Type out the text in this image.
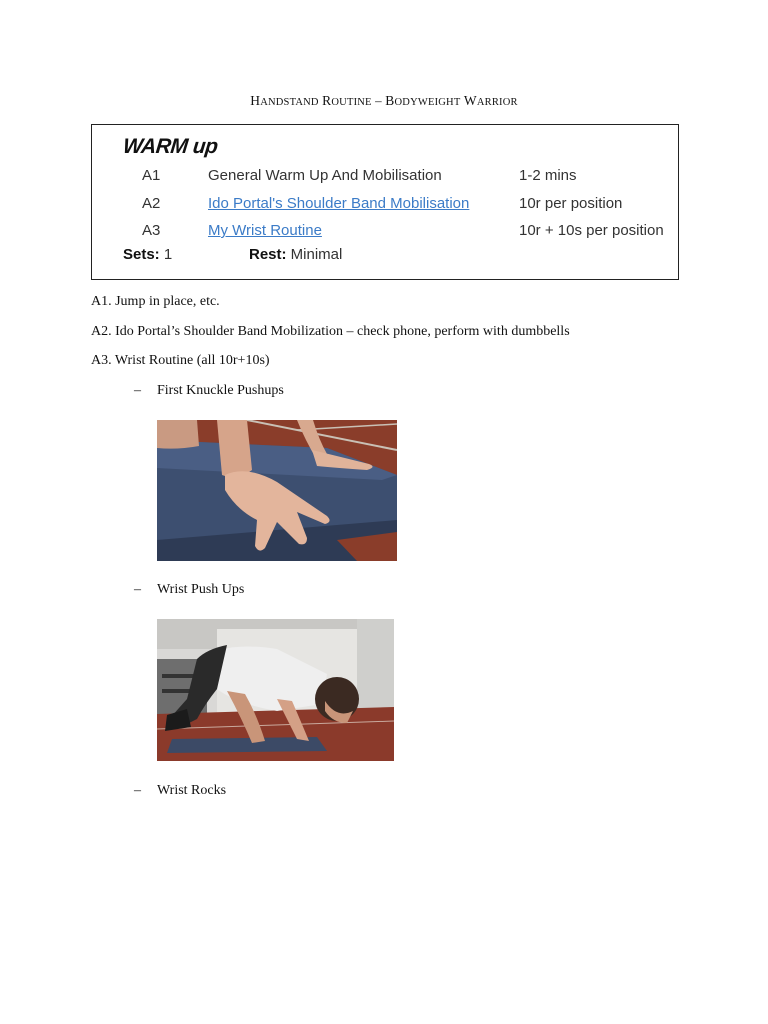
HANDSTAND ROUTINE – BODYWEIGHT WARRIOR
WARM up
A1	General Warm Up And Mobilisation	1-2 mins
A2	Ido Portal's Shoulder Band Mobilisation	10r per position
A3	My Wrist Routine	10r + 10s per position
Sets: 1	Rest: Minimal
A1. Jump in place, etc.
A2. Ido Portal’s Shoulder Band Mobilization – check phone, perform with dumbbells
A3. Wrist Routine (all 10r+10s)
– First Knuckle Pushups
– Wrist Push Ups
– Wrist Rocks
